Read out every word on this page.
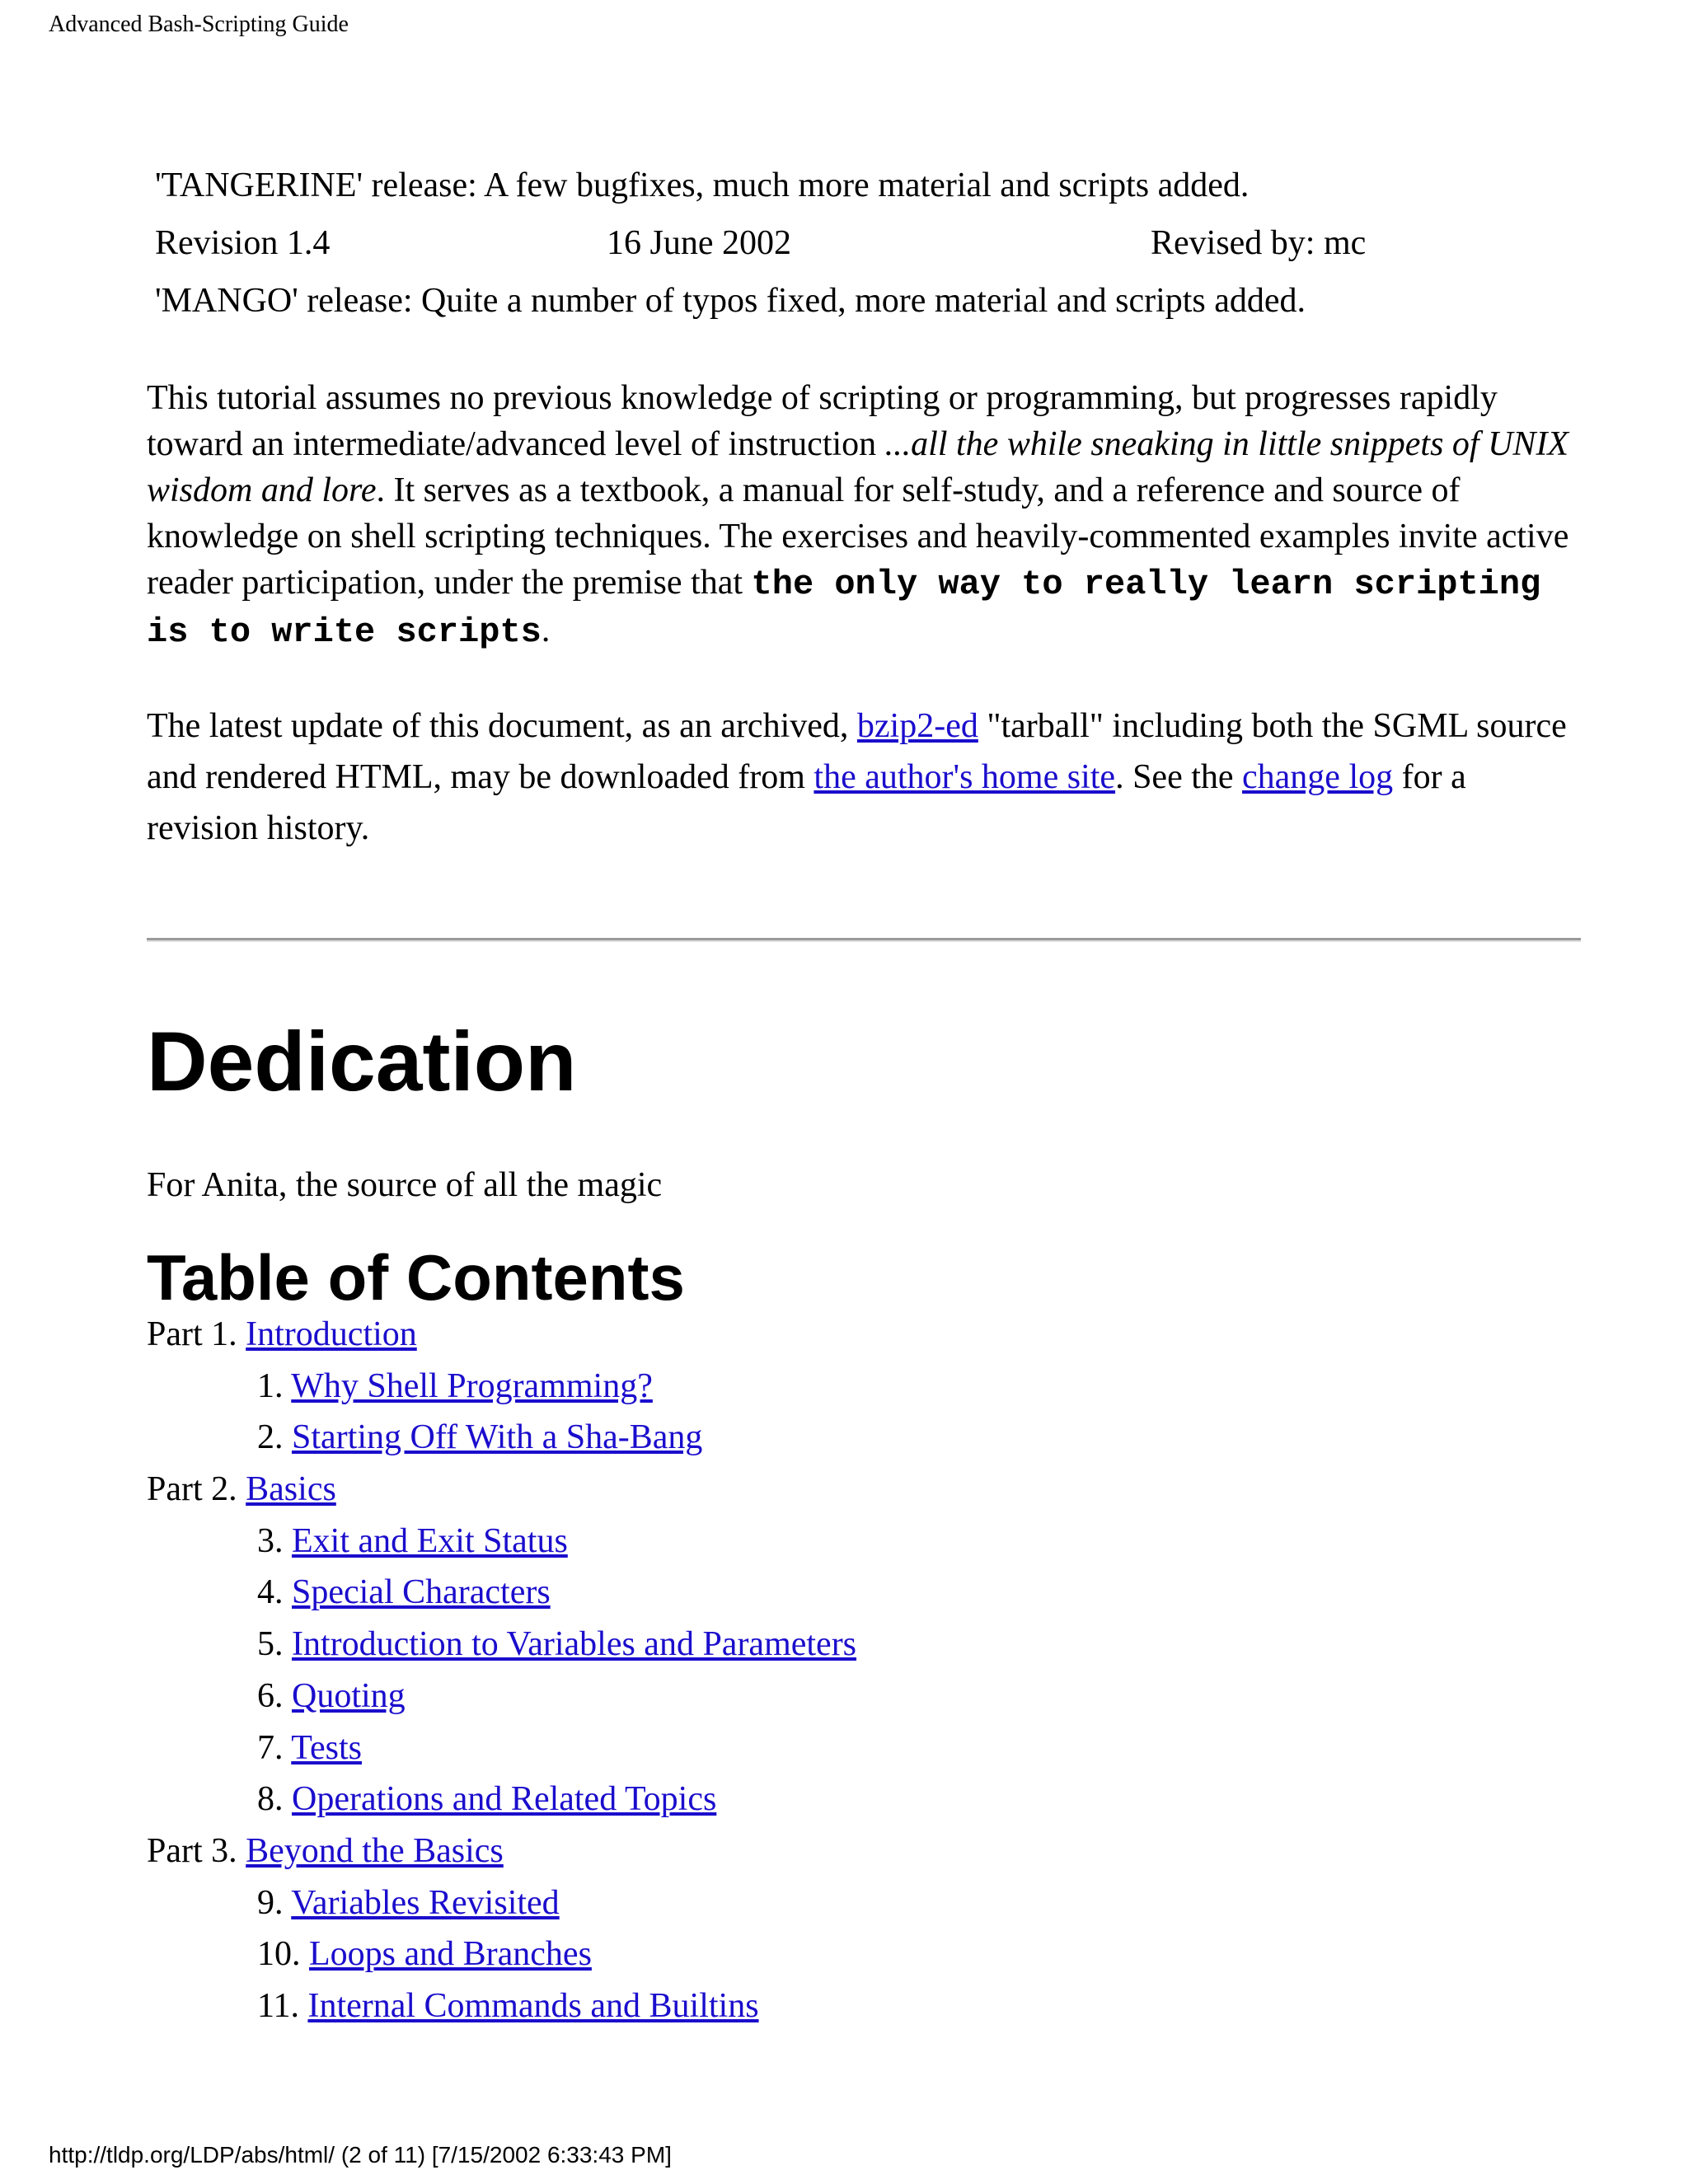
Advanced Bash-Scripting Guide
'TANGERINE' release: A few bugfixes, much more material and scripts added.
Revision 1.4	16 June 2002	Revised by: mc
'MANGO' release: Quite a number of typos fixed, more material and scripts added.
This tutorial assumes no previous knowledge of scripting or programming, but progresses rapidly toward an intermediate/advanced level of instruction ...all the while sneaking in little snippets of UNIX wisdom and lore. It serves as a textbook, a manual for self-study, and a reference and source of knowledge on shell scripting techniques. The exercises and heavily-commented examples invite active reader participation, under the premise that the only way to really learn scripting is to write scripts.
The latest update of this document, as an archived, bzip2-ed "tarball" including both the SGML source and rendered HTML, may be downloaded from the author's home site. See the change log for a revision history.
Dedication
For Anita, the source of all the magic
Table of Contents
Part 1. Introduction
1. Why Shell Programming?
2. Starting Off With a Sha-Bang
Part 2. Basics
3. Exit and Exit Status
4. Special Characters
5. Introduction to Variables and Parameters
6. Quoting
7. Tests
8. Operations and Related Topics
Part 3. Beyond the Basics
9. Variables Revisited
10. Loops and Branches
11. Internal Commands and Builtins
http://tldp.org/LDP/abs/html/ (2 of 11) [7/15/2002 6:33:43 PM]
